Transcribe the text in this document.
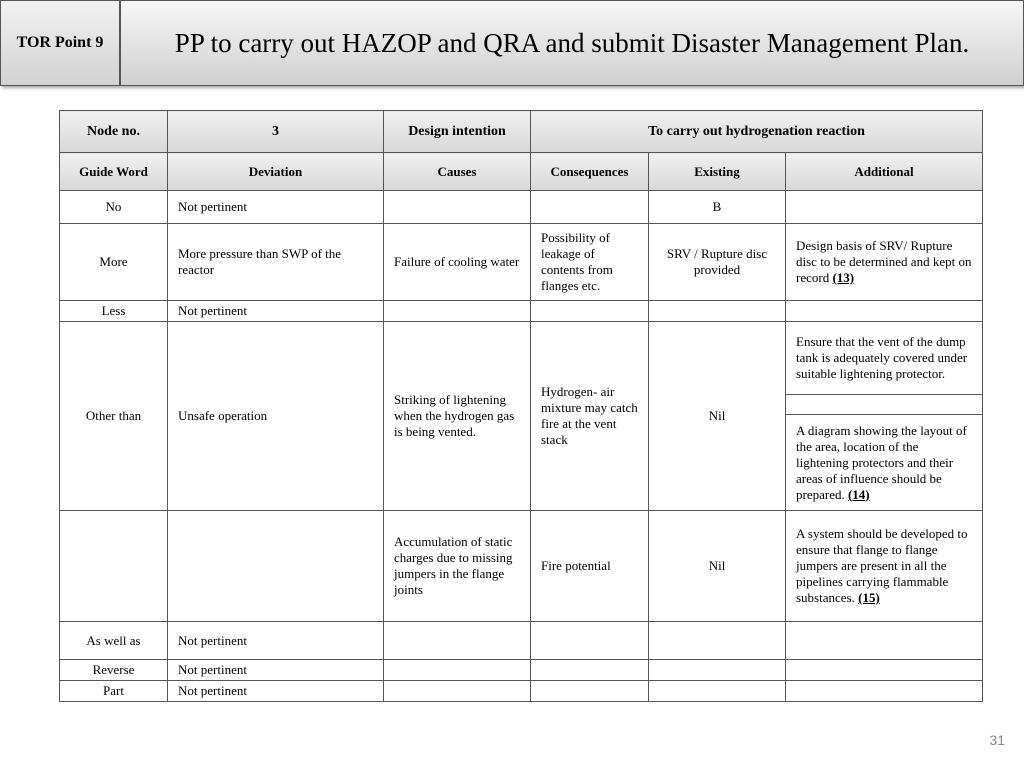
TOR Point 9	PP to carry out HAZOP and QRA and submit Disaster Management Plan.
Node no.	3	Design intention	To carry out hydrogenation reaction		
Guide Word	Deviation	Causes	Consequences	Existing	Additional
No	Not pertinent			B	
More	More pressure than SWP of the reactor	Failure of cooling water	Possibility of leakage of contents from flanges etc.	SRV / Rupture disc provided	Design basis of SRV/ Rupture disc to be determined and kept on record (13)
Less	Not pertinent				
Other than	Unsafe operation	Striking of lightening when the hydrogen gas is being vented.	Hydrogen- air mixture may catch fire at the vent stack	Nil	Ensure that the vent of the dump tank is adequately covered under suitable lightening protector.

					A diagram showing the layout of the area, location of the lightening protectors and their areas of influence should be prepared. (14)
		Accumulation of static charges due to missing jumpers in the flange joints	Fire potential	Nil	A system should be developed to ensure that flange to flange jumpers are present in all the pipelines carrying flammable substances. (15)
As well as	Not pertinent				
Reverse	Not pertinent				
Part	Not pertinent				
31
